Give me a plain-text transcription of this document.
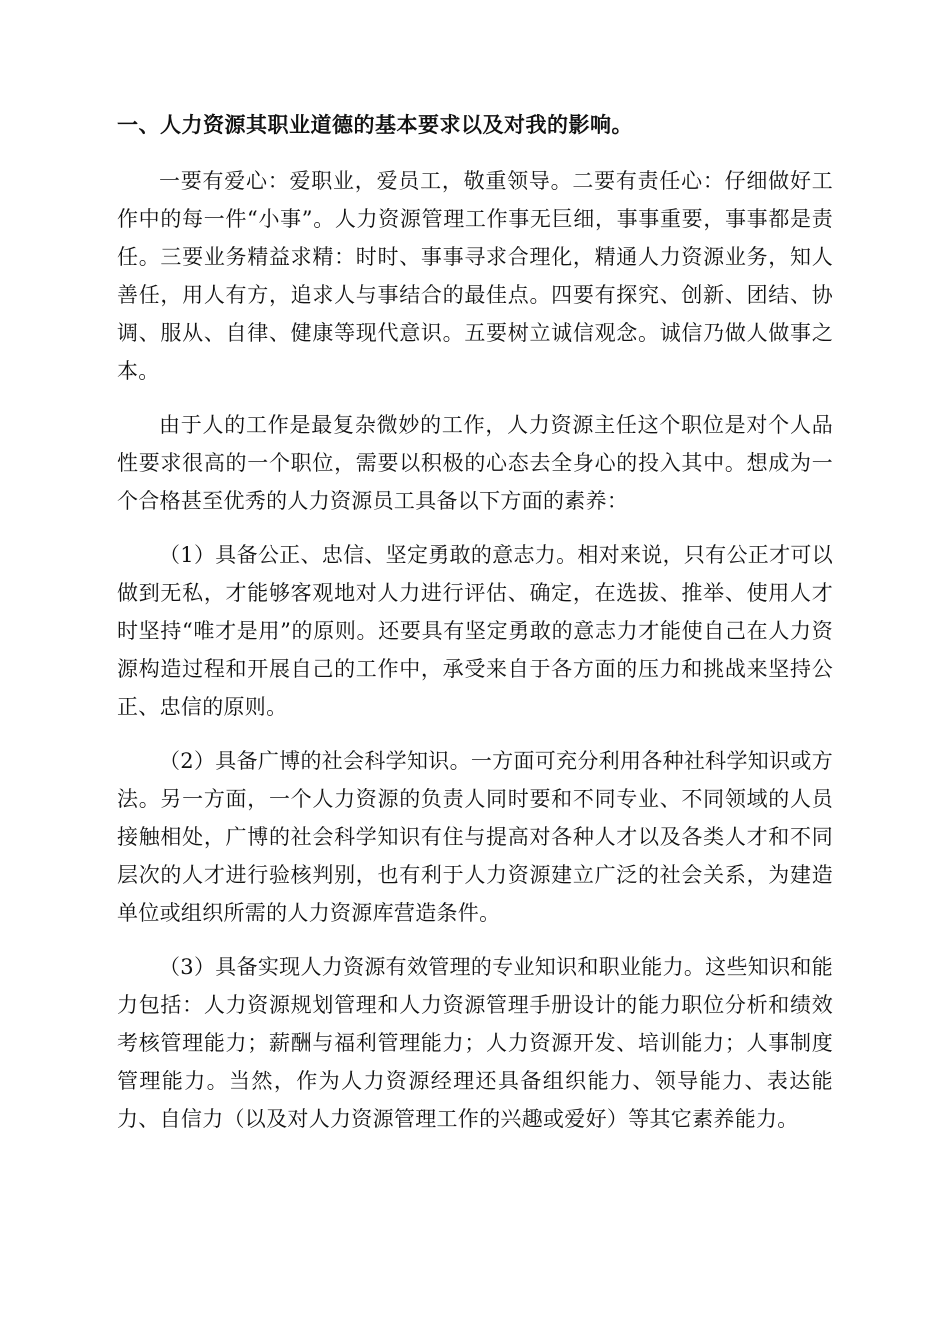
一、人力资源其职业道德的基本要求以及对我的影响。

一要有爱心：爱职业，爱员工，敬重领导。二要有责任心：仔细做好工作中的每一件“小事”。人力资源管理工作事无巨细，事事重要，事事都是责任。三要业务精益求精：时时、事事寻求合理化，精通人力资源业务，知人善任，用人有方，追求人与事结合的最佳点。四要有探究、创新、团结、协调、服从、自律、健康等现代意识。五要树立诚信观念。诚信乃做人做事之本。

由于人的工作是最复杂微妙的工作，人力资源主任这个职位是对个人品性要求很高的一个职位，需要以积极的心态去全身心的投入其中。想成为一个合格甚至优秀的人力资源员工具备以下方面的素养：

（1）具备公正、忠信、坚定勇敢的意志力。相对来说，只有公正才可以做到无私，才能够客观地对人力进行评估、确定，在选拔、推举、使用人才时坚持“唯才是用”的原则。还要具有坚定勇敢的意志力才能使自己在人力资源构造过程和开展自己的工作中，承受来自于各方面的压力和挑战来坚持公正、忠信的原则。

（2）具备广博的社会科学知识。一方面可充分利用各种社科学知识或方法。另一方面，一个人力资源的负责人同时要和不同专业、不同领域的人员接触相处，广博的社会科学知识有住与提高对各种人才以及各类人才和不同层次的人才进行验核判别，也有利于人力资源建立广泛的社会关系，为建造单位或组织所需的人力资源库营造条件。

（3）具备实现人力资源有效管理的专业知识和职业能力。这些知识和能力包括：人力资源规划管理和人力资源管理手册设计的能力职位分析和绩效考核管理能力；薪酬与福利管理能力；人力资源开发、培训能力；人事制度管理能力。当然，作为人力资源经理还具备组织能力、领导能力、表达能力、自信力（以及对人力资源管理工作的兴趣或爱好）等其它素养能力。
